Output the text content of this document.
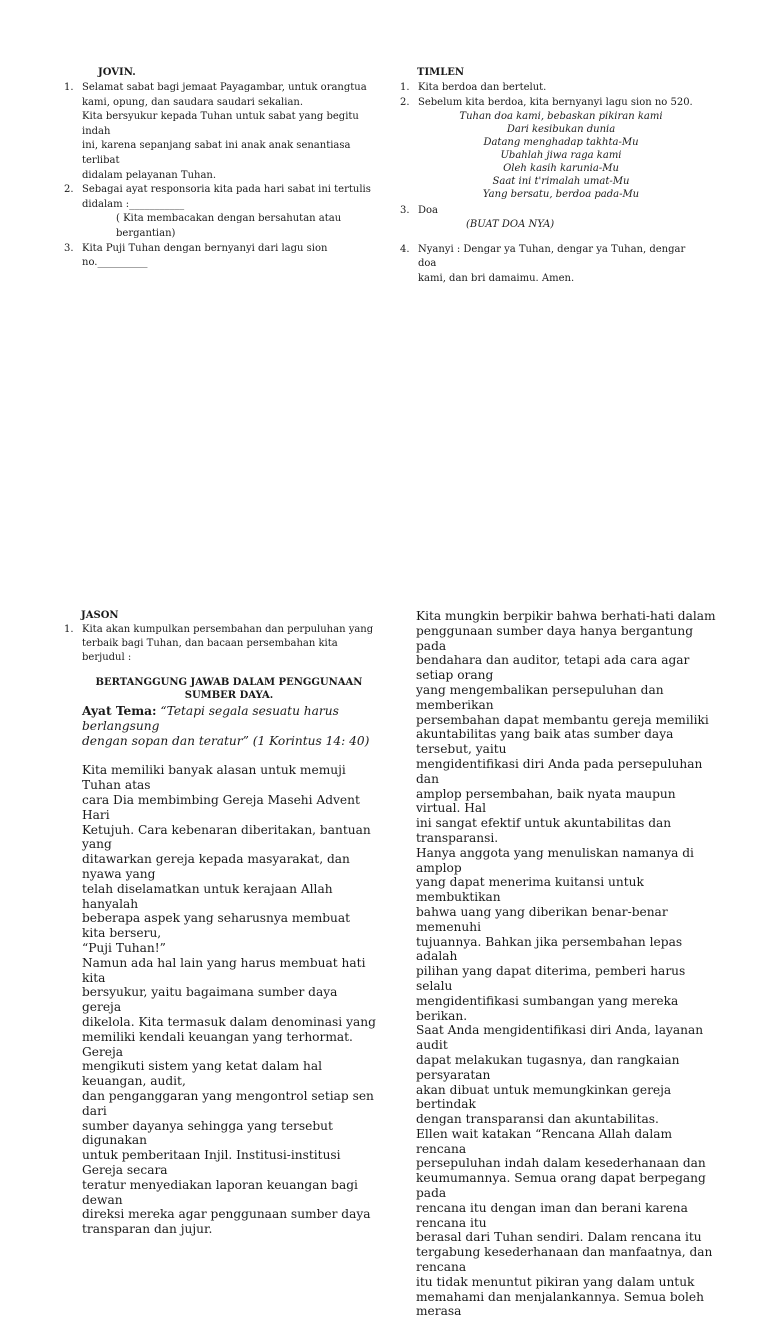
JOVIN.
1. Selamat sabat bagi jemaat Payagambar, untuk orangtua
kami, opung, dan saudara saudari sekalian.
Kita bersyukur kepada Tuhan untuk sabat yang begitu indah
ini, karena sepanjang sabat ini anak anak senantiasa terlibat
didalam pelayanan Tuhan.
2. Sebagai ayat responsoria kita pada hari sabat ini tertulis
didalam :___________
( Kita membacakan dengan bersahutan atau
bergantian)
3. Kita Puji Tuhan dengan bernyanyi dari lagu sion
no.__________
TIMLEN
1. Kita berdoa dan bertelut.
2. Sebelum kita berdoa, kita bernyanyi lagu sion no 520.
Tuhan doa kami, bebaskan pikiran kami
Dari kesibukan dunia
Datang menghadap takhta-Mu
Ubahlah jiwa raga kami
Oleh kasih karunia-Mu
Saat ini t'rimalah umat-Mu
Yang bersatu, berdoa pada-Mu
3. Doa
(BUAT DOA NYA)
4. Nyanyi : Dengar ya Tuhan, dengar ya Tuhan, dengar doa
kami, dan bri damaimu. Amen.
JASON
1. Kita akan kumpulkan persembahan dan perpuluhan yang
terbaik bagi Tuhan, dan bacaan persembahan kita berjudul :
BERTANGGUNG JAWAB DALAM PENGGUNAAN
SUMBER DAYA.
Ayat Tema: “Tetapi segala sesuatu harus berlangsung
dengan sopan dan teratur” (1 Korintus 14: 40)
Kita memiliki banyak alasan untuk memuji Tuhan atas
cara Dia membimbing Gereja Masehi Advent Hari
Ketujuh. Cara kebenaran diberitakan, bantuan yang
ditawarkan gereja kepada masyarakat, dan nyawa yang
telah diselamatkan untuk kerajaan Allah hanyalah
beberapa aspek yang seharusnya membuat kita berseru,
“Puji Tuhan!”
Namun ada hal lain yang harus membuat hati kita
bersyukur, yaitu bagaimana sumber daya gereja
dikelola. Kita termasuk dalam denominasi yang
memiliki kendali keuangan yang terhormat. Gereja
mengikuti sistem yang ketat dalam hal keuangan, audit,
dan penganggaran yang mengontrol setiap sen dari
sumber dayanya sehingga yang tersebut digunakan
untuk pemberitaan Injil. Institusi-institusi Gereja secara
teratur menyediakan laporan keuangan bagi dewan
direksi mereka agar penggunaan sumber daya
transparan dan jujur.
Kita mungkin berpikir bahwa berhati-hati dalam
penggunaan sumber daya hanya bergantung pada
bendahara dan auditor, tetapi ada cara agar setiap orang
yang mengembalikan persepuluhan dan memberikan
persembahan dapat membantu gereja memiliki
akuntabilitas yang baik atas sumber daya tersebut, yaitu
mengidentifikasi diri Anda pada persepuluhan dan
amplop persembahan, baik nyata maupun virtual. Hal
ini sangat efektif untuk akuntabilitas dan transparansi.
Hanya anggota yang menuliskan namanya di amplop
yang dapat menerima kuitansi untuk membuktikan
bahwa uang yang diberikan benar-benar memenuhi
tujuannya. Bahkan jika persembahan lepas adalah
pilihan yang dapat diterima, pemberi harus selalu
mengidentifikasi sumbangan yang mereka berikan.
Saat Anda mengidentifikasi diri Anda, layanan audit
dapat melakukan tugasnya, dan rangkaian persyaratan
akan dibuat untuk memungkinkan gereja bertindak
dengan transparansi dan akuntabilitas.
Ellen wait katakan “Rencana Allah dalam rencana
persepuluhan indah dalam kesederhanaan dan
keumumannya. Semua orang dapat berpegang pada
rencana itu dengan iman dan berani karena rencana itu
berasal dari Tuhan sendiri. Dalam rencana itu
tergabung kesederhanaan dan manfaatnya, dan rencana
itu tidak menuntut pikiran yang dalam untuk
memahami dan menjalankannya. Semua boleh merasa
